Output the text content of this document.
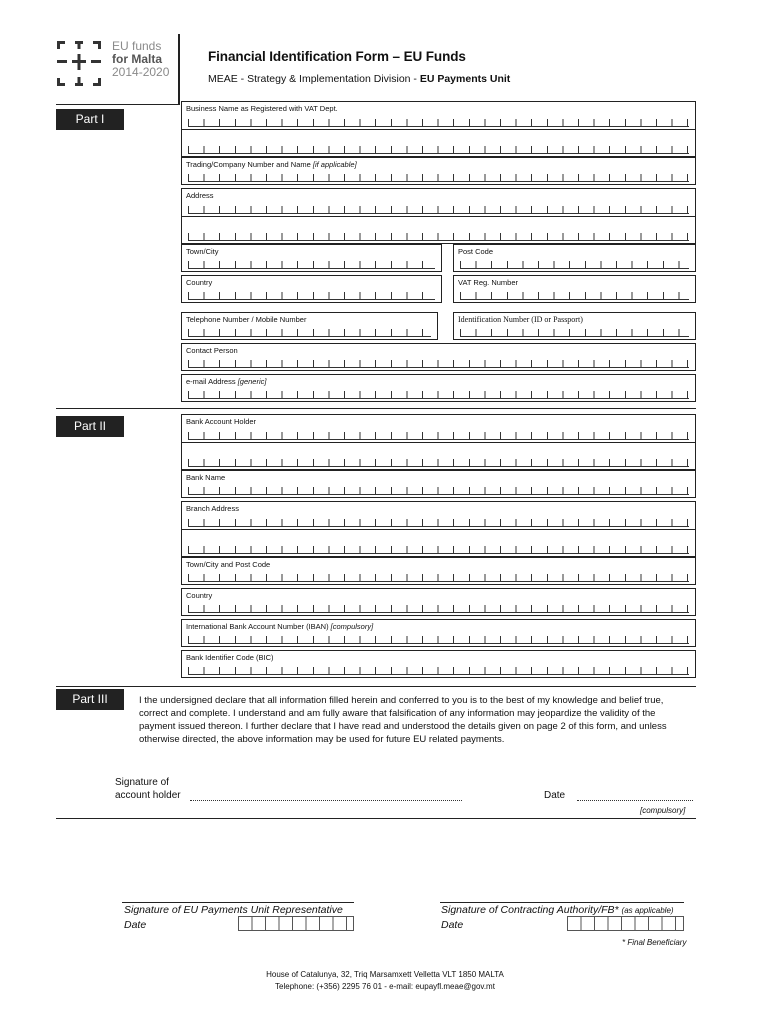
EU funds
for Malta
2014-2020
Financial Identification Form – EU Funds
MEAE - Strategy & Implementation Division - EU Payments Unit
Part I
Business Name as Registered with VAT Dept.
Trading/Company Number and Name [if applicable]
Address
Town/City	Post Code
Country	VAT Reg. Number
Telephone Number / Mobile Number	Identification Number (ID or Passport)
Contact Person
e-mail Address [generic]
Part II	Bank Account Holder
Bank Name
Branch Address
Town/City and Post Code
Country
International Bank Account Number (IBAN) [compulsory]
Bank Identifier Code (BIC)
Part III	I the undersigned declare that all information filled herein and conferred to you is to the best of my knowledge and belief true, correct and complete. I understand and am fully aware that falsification of any information may jeopardize the validity of the payment issued thereon. I further declare that I have read and understood the details given on page 2 of this form, and unless otherwise directed, the above information may be used for future EU related payments.
Signature of
account holder	Date
[compulsory]
Signature of EU Payments Unit Representative
Date
Signature of Contracting Authority/FB* (as applicable)
Date
* Final Beneficiary
House of Catalunya, 32, Triq Marsamxett Velletta VLT 1850 MALTA
Telephone: (+356) 2295 76 01 - e-mail: eupayfl.meae@gov.mt
